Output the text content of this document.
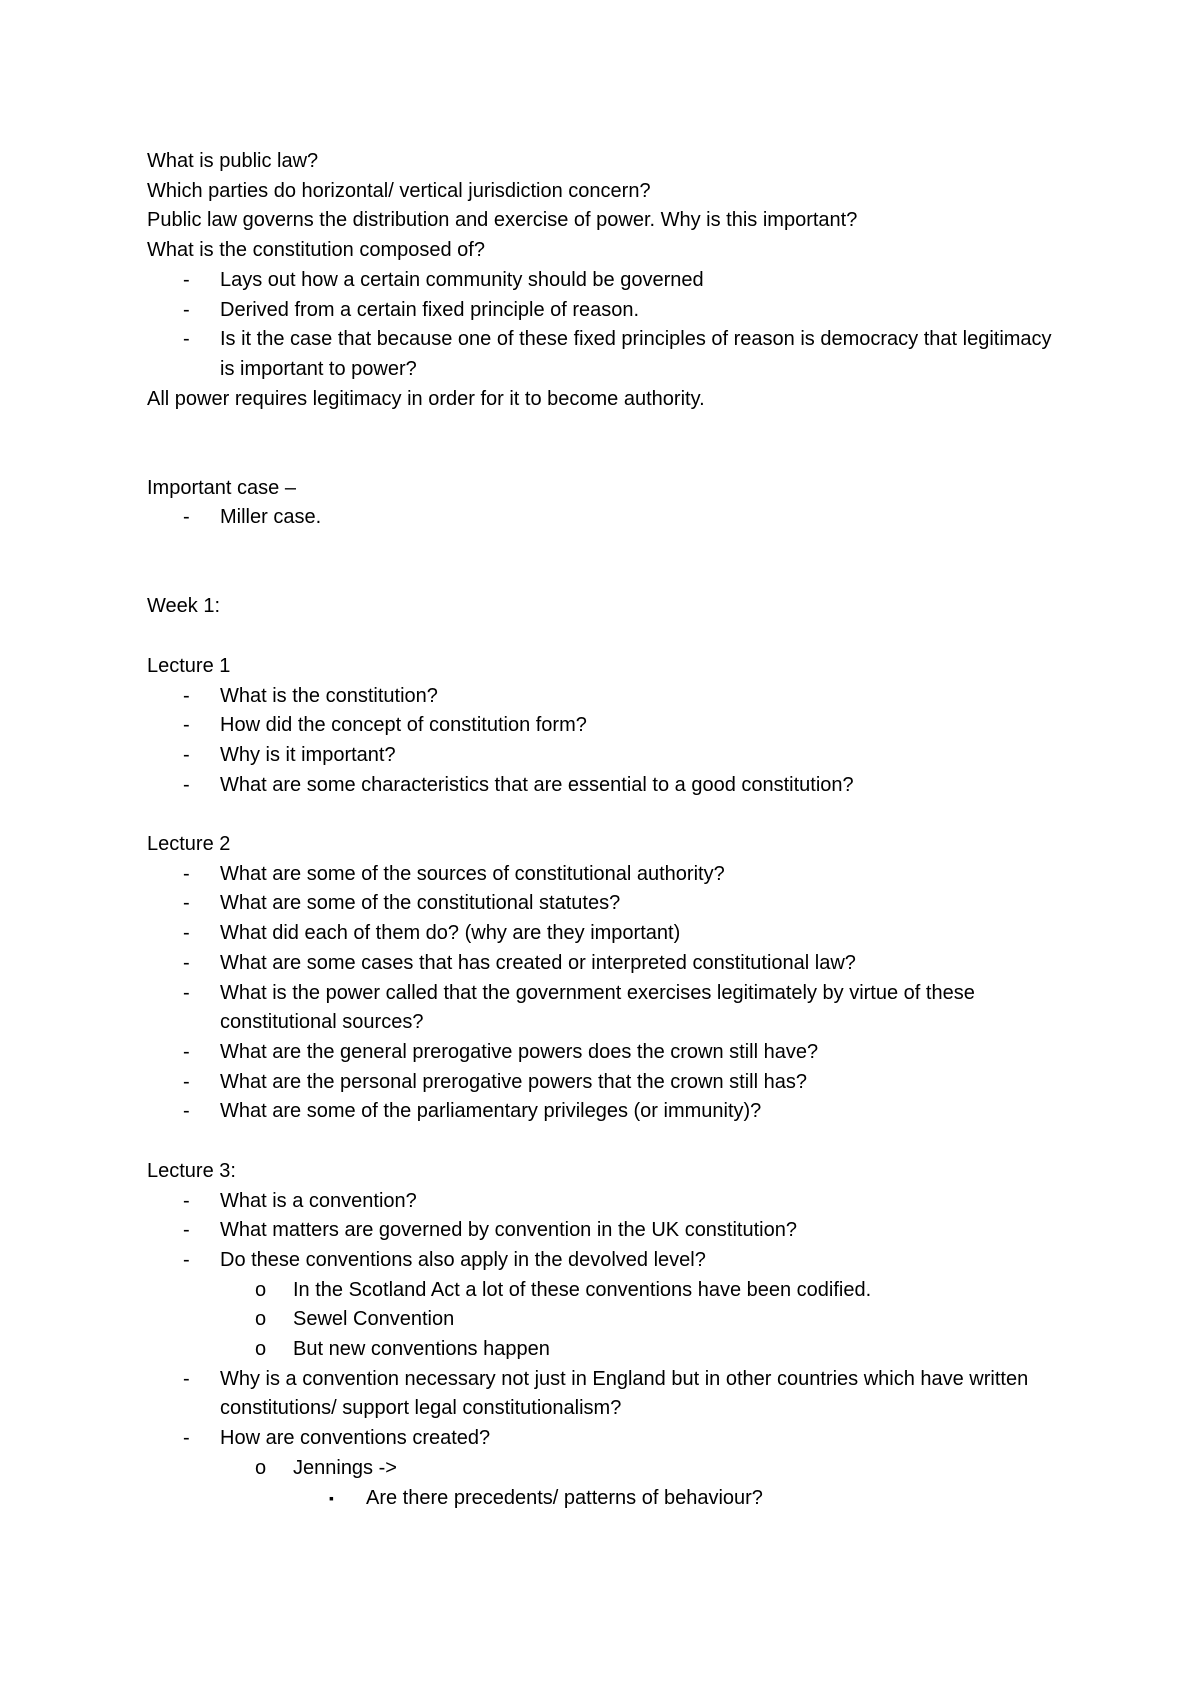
What is public law?
Which parties do horizontal/ vertical jurisdiction concern?
Public law governs the distribution and exercise of power. Why is this important?
What is the constitution composed of?
- Lays out how a certain community should be governed
- Derived from a certain fixed principle of reason.
- Is it the case that because one of these fixed principles of reason is democracy that legitimacy is important to power?
All power requires legitimacy in order for it to become authority.
Important case –
- Miller case.
Week 1:
Lecture 1
- What is the constitution?
- How did the concept of constitution form?
- Why is it important?
- What are some characteristics that are essential to a good constitution?
Lecture 2
- What are some of the sources of constitutional authority?
- What are some of the constitutional statutes?
- What did each of them do? (why are they important)
- What are some cases that has created or interpreted constitutional law?
- What is the power called that the government exercises legitimately by virtue of these constitutional sources?
- What are the general prerogative powers does the crown still have?
- What are the personal prerogative powers that the crown still has?
- What are some of the parliamentary privileges (or immunity)?
Lecture 3:
- What is a convention?
- What matters are governed by convention in the UK constitution?
- Do these conventions also apply in the devolved level?
o In the Scotland Act a lot of these conventions have been codified.
o Sewel Convention
o But new conventions happen
- Why is a convention necessary not just in England but in other countries which have written constitutions/ support legal constitutionalism?
- How are conventions created?
o Jennings ->
▪ Are there precedents/ patterns of behaviour?
